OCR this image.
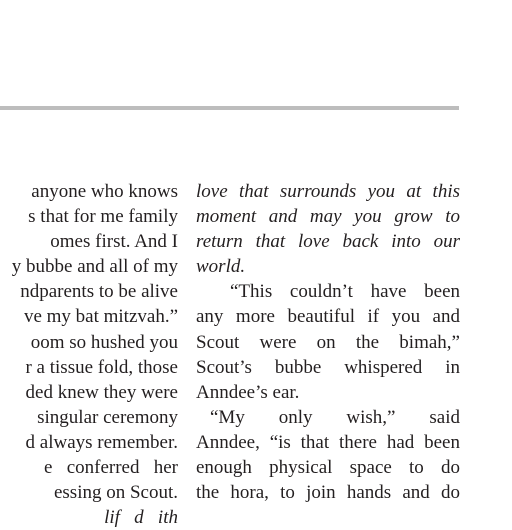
anyone who knows
s that for me family
omes first. And I
y bubbe and all of my
ndparents to be alive
ve my bat mitzvah.”
oom so hushed you
r a tissue fold, those
ded knew they were
singular ceremony
d always remember.
e   conferred   her
essing on Scout.
lif   d   ith
love that surrounds you at this
moment and may you grow to
return that love back into our
world.
“This couldn’t have been
any more beautiful if you and
Scout were on the bimah,”
Scout’s bubbe whispered in
Anndee’s ear.
“My only wish,” said
Anndee, “is that there had been
enough physical space to do
the hora, to join hands and do
